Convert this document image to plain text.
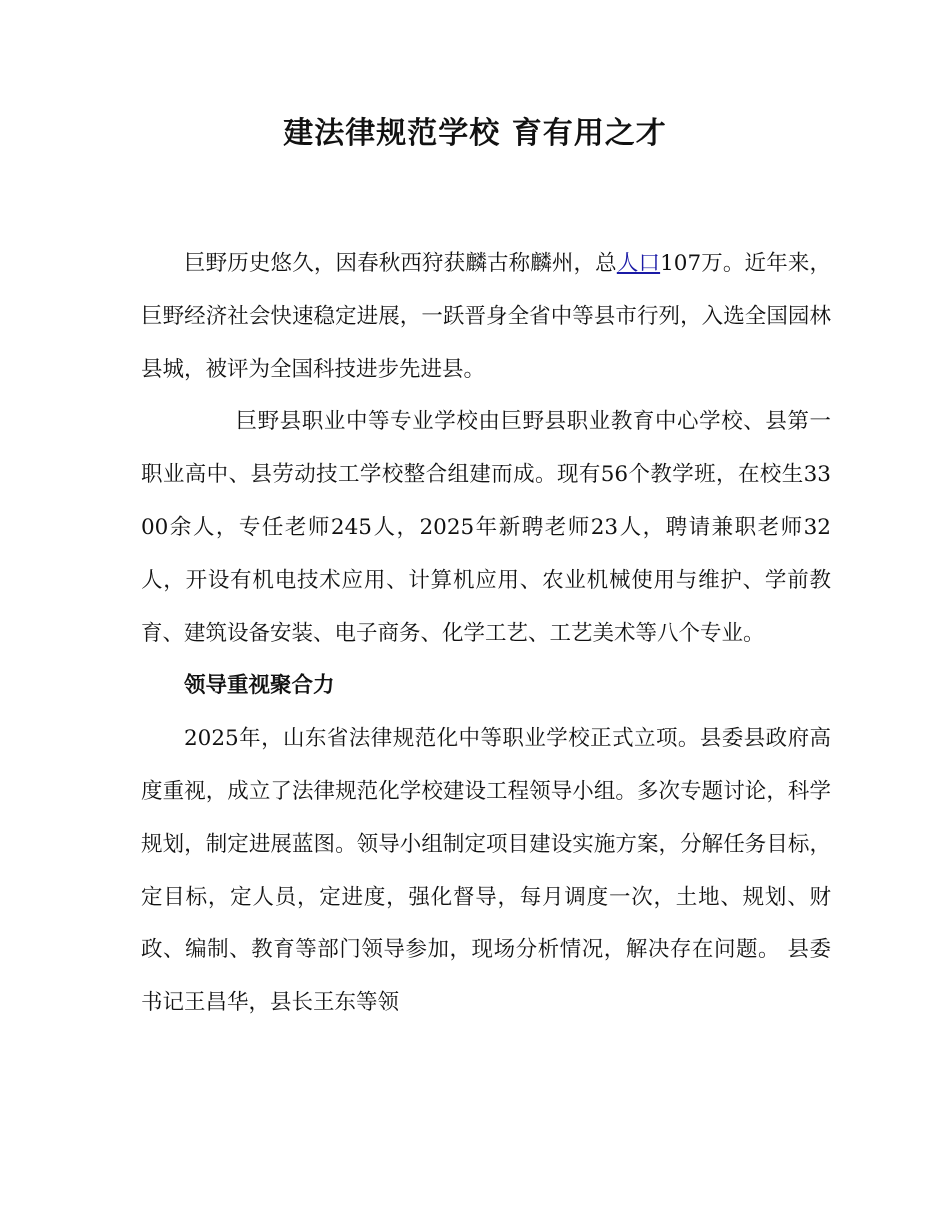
建法律规范学校 育有用之才

巨野历史悠久，因春秋西狩获麟古称麟州，总人口107万。近年来，巨野经济社会快速稳定进展，一跃晋身全省中等县市行列，入选全国园林县城，被评为全国科技进步先进县。

巨野县职业中等专业学校由巨野县职业教育中心学校、县第一职业高中、县劳动技工学校整合组建而成。现有56个教学班，在校生3300余人，专任老师245人，2025年新聘老师23人，聘请兼职老师32人，开设有机电技术应用、计算机应用、农业机械使用与维护、学前教育、建筑设备安装、电子商务、化学工艺、工艺美术等八个专业。

领导重视聚合力

2025年，山东省法律规范化中等职业学校正式立项。县委县政府高度重视，成立了法律规范化学校建设工程领导小组。多次专题讨论，科学规划，制定进展蓝图。领导小组制定项目建设实施方案，分解任务目标，定目标，定人员，定进度，强化督导，每月调度一次，土地、规划、财政、编制、教育等部门领导参加，现场分析情况，解决存在问题。 县委书记王昌华，县长王东等领
